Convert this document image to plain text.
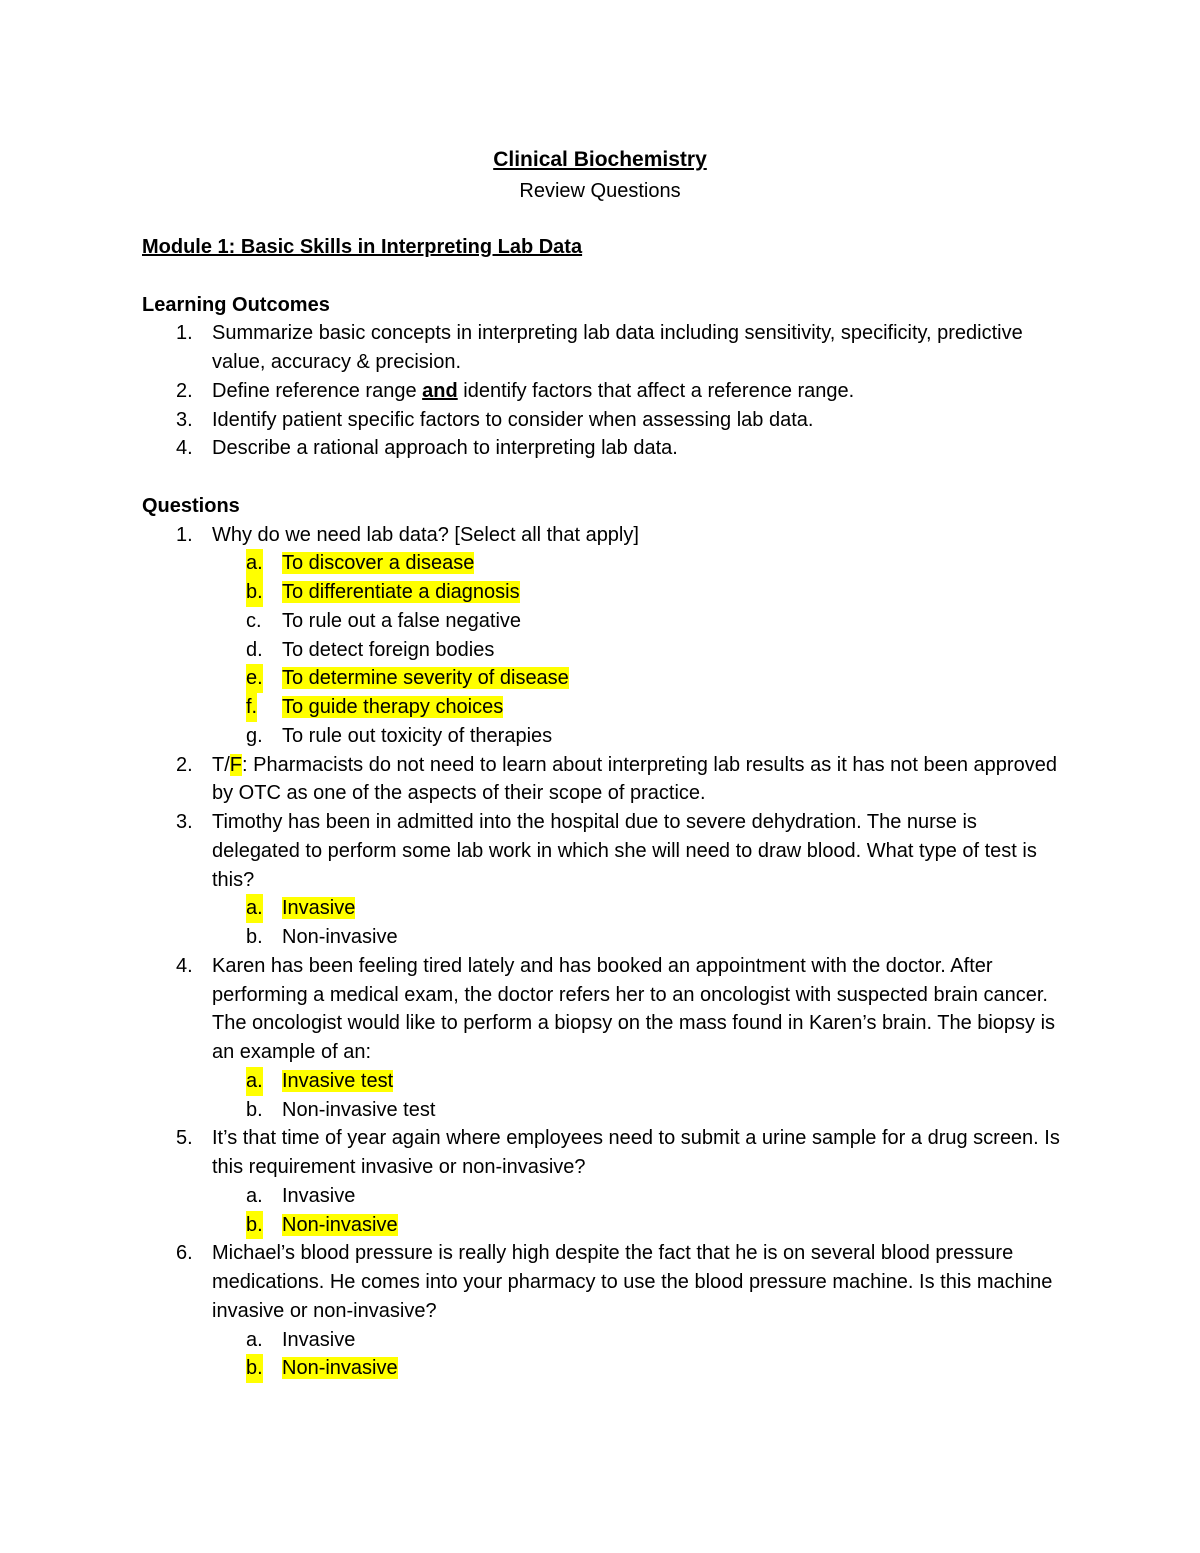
Clinical Biochemistry
Review Questions

Module 1: Basic Skills in Interpreting Lab Data

Learning Outcomes

1. Summarize basic concepts in interpreting lab data including sensitivity, specificity, predictive value, accuracy & precision.
2. Define reference range and identify factors that affect a reference range.
3. Identify patient specific factors to consider when assessing lab data.
4. Describe a rational approach to interpreting lab data.

Questions

1. Why do we need lab data? [Select all that apply]
a. To discover a disease
b. To differentiate a diagnosis
c. To rule out a false negative
d. To detect foreign bodies
e. To determine severity of disease
f. To guide therapy choices
g. To rule out toxicity of therapies
2. T/F: Pharmacists do not need to learn about interpreting lab results as it has not been approved by OTC as one of the aspects of their scope of practice.
3. Timothy has been in admitted into the hospital due to severe dehydration. The nurse is delegated to perform some lab work in which she will need to draw blood. What type of test is this?
a. Invasive
b. Non-invasive
4. Karen has been feeling tired lately and has booked an appointment with the doctor. After performing a medical exam, the doctor refers her to an oncologist with suspected brain cancer. The oncologist would like to perform a biopsy on the mass found in Karen’s brain. The biopsy is an example of an:
a. Invasive test
b. Non-invasive test
5. It’s that time of year again where employees need to submit a urine sample for a drug screen. Is this requirement invasive or non-invasive?
a. Invasive
b. Non-invasive
6. Michael’s blood pressure is really high despite the fact that he is on several blood pressure medications. He comes into your pharmacy to use the blood pressure machine. Is this machine invasive or non-invasive?
a. Invasive
b. Non-invasive
